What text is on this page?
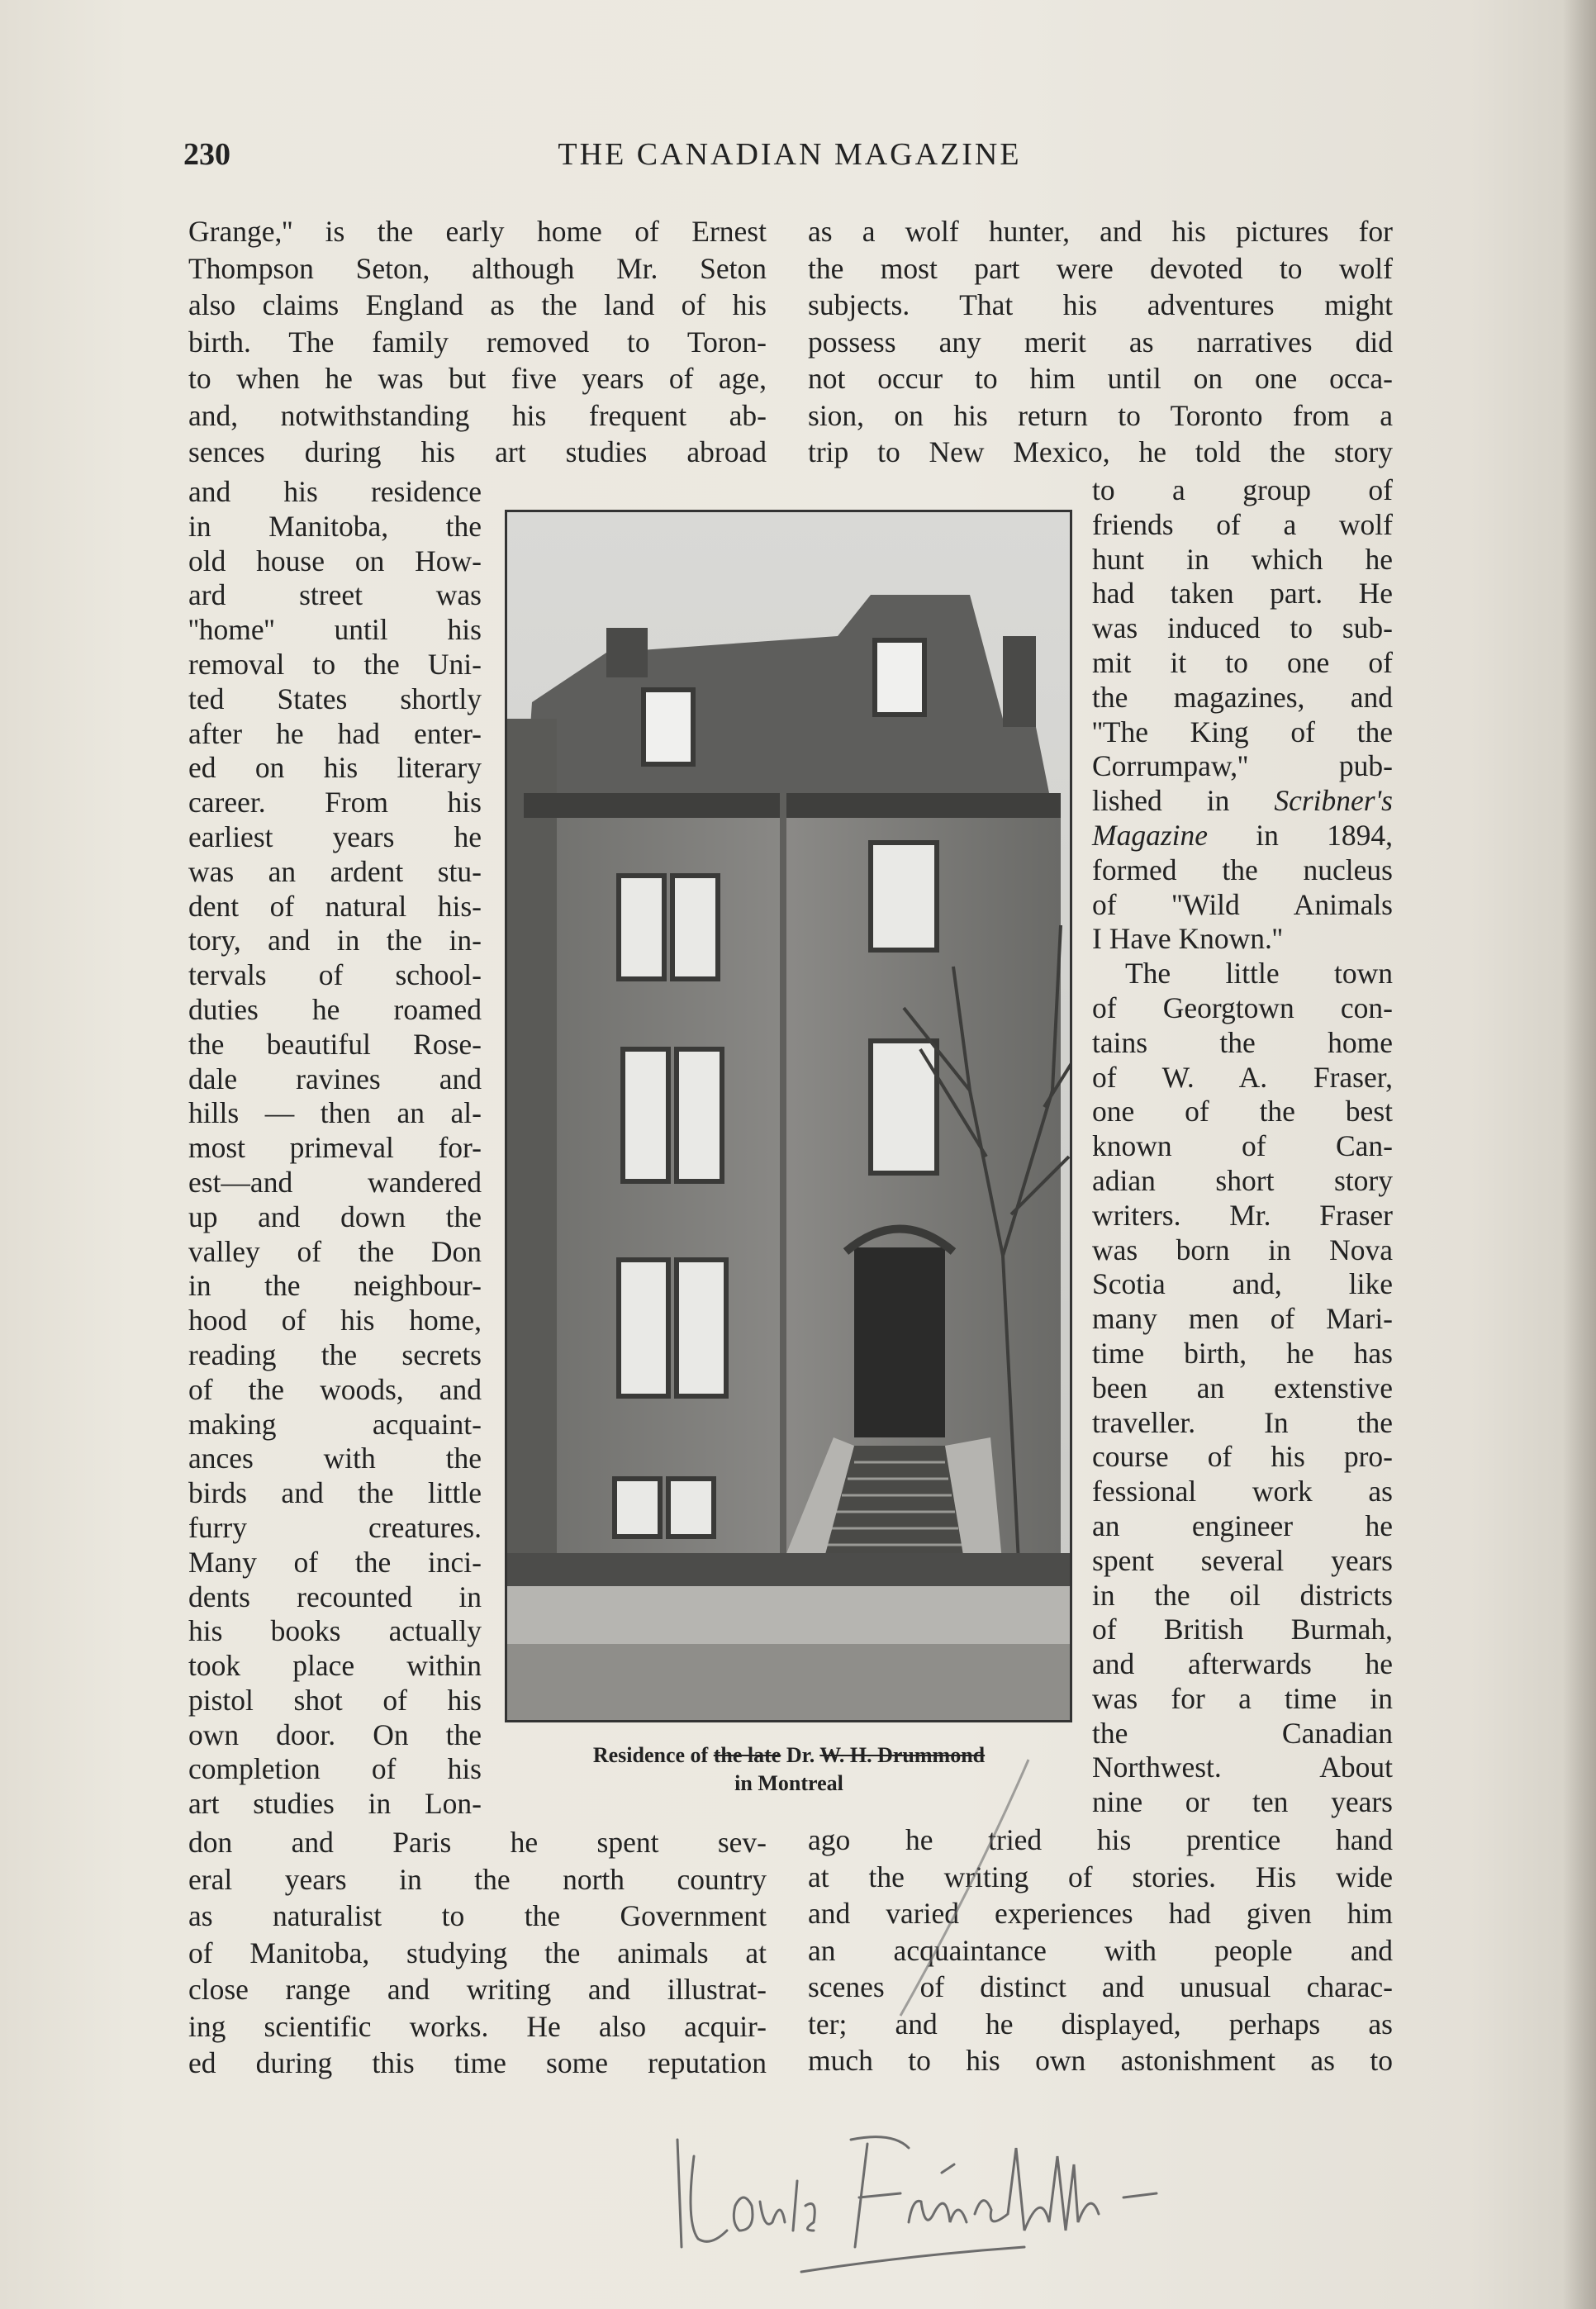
230	THE CANADIAN MAGAZINE
Grange,'' is the early home of Ernest
Thompson Seton, although Mr. Seton
also claims England as the land of his
birth. The family removed to Toron-
to when he was but five years of age,
and, notwithstanding his frequent ab-
sences during his art studies abroad
and his residence
in Manitoba, the
old house on How-
ard street was
''home'' until his
removal to the Uni-
ted States shortly
after he had enter-
ed on his literary
career. From his
earliest years he
was an ardent stu-
dent of natural his-
tory, and in the in-
tervals of school-
duties he roamed
the beautiful Rose-
dale ravines and
hills — then an al-
most primeval for-
est—and wandered
up and down the
valley of the Don
in the neighbour-
hood of his home,
reading the secrets
of the woods, and
making acquaint-
ances with the
birds and the little
furry creatures.
Many of the inci-
dents recounted in
his books actually
took place within
pistol shot of his
own door. On the
completion of his
art studies in Lon-
don and Paris he spent sev-
eral years in the north country
as naturalist to the Government
of Manitoba, studying the animals at
close range and writing and illustrat-
ing scientific works. He also acquir-
ed during this time some reputation
as a wolf hunter, and his pictures for
the most part were devoted to wolf
subjects. That his adventures might
possess any merit as narratives did
not occur to him until on one occa-
sion, on his return to Toronto from a
trip to New Mexico, he told the story
to a group of
friends of a wolf
hunt in which he
had taken part. He
was induced to sub-
mit it to one of
the magazines, and
''The King of the
Corrumpaw,'' pub-
lished in Scribner's
Magazine in 1894,
formed the nucleus
of ''Wild Animals
I Have Known.''
The little town
of Georgtown con-
tains the home
of W. A. Fraser,
one of the best
known of Can-
adian short story
writers. Mr. Fraser
was born in Nova
Scotia and, like
many men of Mari-
time birth, he has
been an extenstive
traveller. In the
course of his pro-
fessional work as
an engineer he
spent several years
in the oil districts
of British Burmah,
and afterwards he
was for a time in
the Canadian
Northwest. About
nine or ten years
ago he tried his prentice hand
at the writing of stories. His wide
and varied experiences had given him
an acquaintance with people and
scenes of distinct and unusual charac-
ter; and he displayed, perhaps as
much to his own astonishment as to
Residence of the late Dr. W. H. Drummond
in Montreal
